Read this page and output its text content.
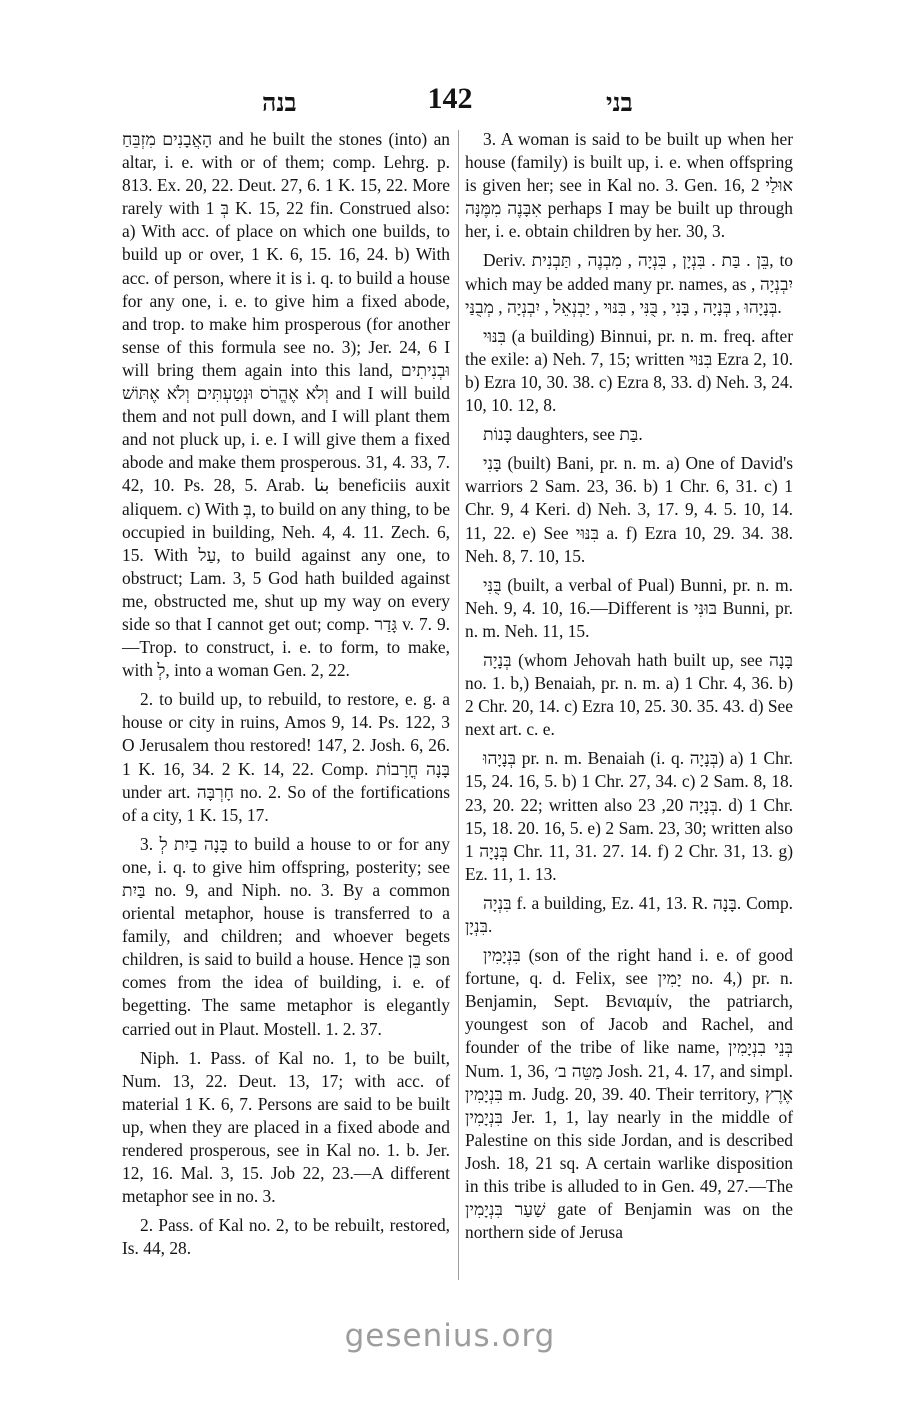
בנה	142	בני

הָאֲבָנִים מִזְבֵּחַ and he built the stones (into) an altar, i. e. with or of them; comp. Lehrg. p. 813. Ex. 20, 22. Deut. 27, 6. 1 K. 15, 22. More rarely with בְּ 1 K. 15, 22 fin. Construed also: a) With acc. of place on which one builds, to build up or over, 1 K. 6, 15. 16, 24. b) With acc. of person, where it is i. q. to build a house for any one, i. e. to give him a fixed abode, and trop. to make him prosperous (for another sense of this formula see no. 3); Jer. 24, 6 I will bring them again into this land, וּבְנִיתִים וְלֹא אֶהֱרֹס וּנְטַעְתִּים וְלֹא אֶתּוֹשׁ and I will build them and not pull down, and I will plant them and not pluck up, i. e. I will give them a fixed abode and make them prosperous. 31, 4. 33, 7. 42, 10. Ps. 28, 5. Arab. بنا beneficiis auxit aliquem. c) With בְּ, to build on any thing, to be occupied in building, Neh. 4, 4. 11. Zech. 6, 15. With עַל, to build against any one, to obstruct; Lam. 3, 5 God hath builded against me, obstructed me, shut up my way on every side so that I cannot get out; comp. גָּדַר v. 7. 9.—Trop. to construct, i. e. to form, to make, with לְ, into a woman Gen. 2, 22.

2. to build up, to rebuild, to restore, e. g. a house or city in ruins, Amos 9, 14. Ps. 122, 3 O Jerusalem thou restored! 147, 2. Josh. 6, 26. 1 K. 16, 34. 2 K. 14, 22. Comp. בָּנָה חֳרָבוֹת under art. חָרְבָּה no. 2. So of the fortifications of a city, 1 K. 15, 17.

3. בָּנָה בַיִת לְ to build a house to or for any one, i. q. to give him offspring, posterity; see בַּיִת no. 9, and Niph. no. 3. By a common oriental metaphor, house is transferred to a family, and children; and whoever begets children, is said to build a house. Hence בֵּן son comes from the idea of building, i. e. of begetting. The same metaphor is elegantly carried out in Plaut. Mostell. 1. 2. 37.

Niph. 1. Pass. of Kal no. 1, to be built, Num. 13, 22. Deut. 13, 17; with acc. of material 1 K. 6, 7. Persons are said to be built up, when they are placed in a fixed abode and rendered prosperous, see in Kal no. 1. b. Jer. 12, 16. Mal. 3, 15. Job 22, 23.—A different metaphor see in no. 3.

2. Pass. of Kal no. 2, to be rebuilt, restored, Is. 44, 28.

3. A woman is said to be built up when her house (family) is built up, i. e. when offspring is given her; see in Kal no. 3. Gen. 16, 2 אוּלַי אִבָּנֶה מִמֶּנָּה perhaps I may be built up through her, i. e. obtain children by her. 30, 3.

Deriv. בֵּן . בַּת . בִּנְיָן , בִּנְיָה , מִבְנֶה , תַּבְנִית, to which may be added many pr. names, as יִבְנְיָה , בְּנָיָהוּ , בְּנָיָה , בָּנִי , בֻּנִּי , בִּנּוּי , יַבְנְאֵל , יִבְנְיָה , מְבֻנַּי.

בִּנּוּי (a building) Binnui, pr. n. m. freq. after the exile: a) Neh. 7, 15; written בִּנּוּי Ezra 2, 10. b) Ezra 10, 30. 38. c) Ezra 8, 33. d) Neh. 3, 24. 10, 10. 12, 8.

בָּנוֹת daughters, see בַּת.

בָּנִי (built) Bani, pr. n. m. a) One of David's warriors 2 Sam. 23, 36. b) 1 Chr. 6, 31. c) 1 Chr. 9, 4 Keri. d) Neh. 3, 17. 9, 4. 5. 10, 14. 11, 22. e) See בִּנּוּי a. f) Ezra 10, 29. 34. 38. Neh. 8, 7. 10, 15.

בֻּנִּי (built, a verbal of Pual) Bunni, pr. n. m. Neh. 9, 4. 10, 16.—Different is בּוּנִּי Bunni, pr. n. m. Neh. 11, 15.

בְּנָיָה (whom Jehovah hath built up, see בָּנָה no. 1. b,) Benaiah, pr. n. m. a) 1 Chr. 4, 36. b) 2 Chr. 20, 14. c) Ezra 10, 25. 30. 35. 43. d) See next art. c. e.

בְּנָיָהוּ pr. n. m. Benaiah (i. q. בְּנָיָה) a) 1 Chr. 15, 24. 16, 5. b) 1 Chr. 27, 34. c) 2 Sam. 8, 18. 23, 20. 22; written also בְּנָיָה 20, 23. d) 1 Chr. 15, 18. 20. 16, 5. e) 2 Sam. 23, 30; written also בְּנָיָה 1 Chr. 11, 31. 27. 14. f) 2 Chr. 31, 13. g) Ez. 11, 1. 13.

בִּנְיָה f. a building, Ez. 41, 13. R. בָּנָה. Comp. בִּנְיָן.

בִּנְיָמִין (son of the right hand i. e. of good fortune, q. d. Felix, see יָמִין no. 4,) pr. n. Benjamin, Sept. Βενιαμίν, the patriarch, youngest son of Jacob and Rachel, and founder of the tribe of like name, בְּנֵי בִנְיָמִין Num. 1, 36, מַטֵּה ב׳ Josh. 21, 4. 17, and simpl. בִּנְיָמִין m. Judg. 20, 39. 40. Their territory, אֶרֶץ בִּנְיָמִין Jer. 1, 1, lay nearly in the middle of Palestine on this side Jordan, and is described Josh. 18, 21 sq. A certain warlike disposition in this tribe is alluded to in Gen. 49, 27.—The שַׁעַר בִּנְיָמִין gate of Benjamin was on the northern side of Jerusa

gesenius.org
